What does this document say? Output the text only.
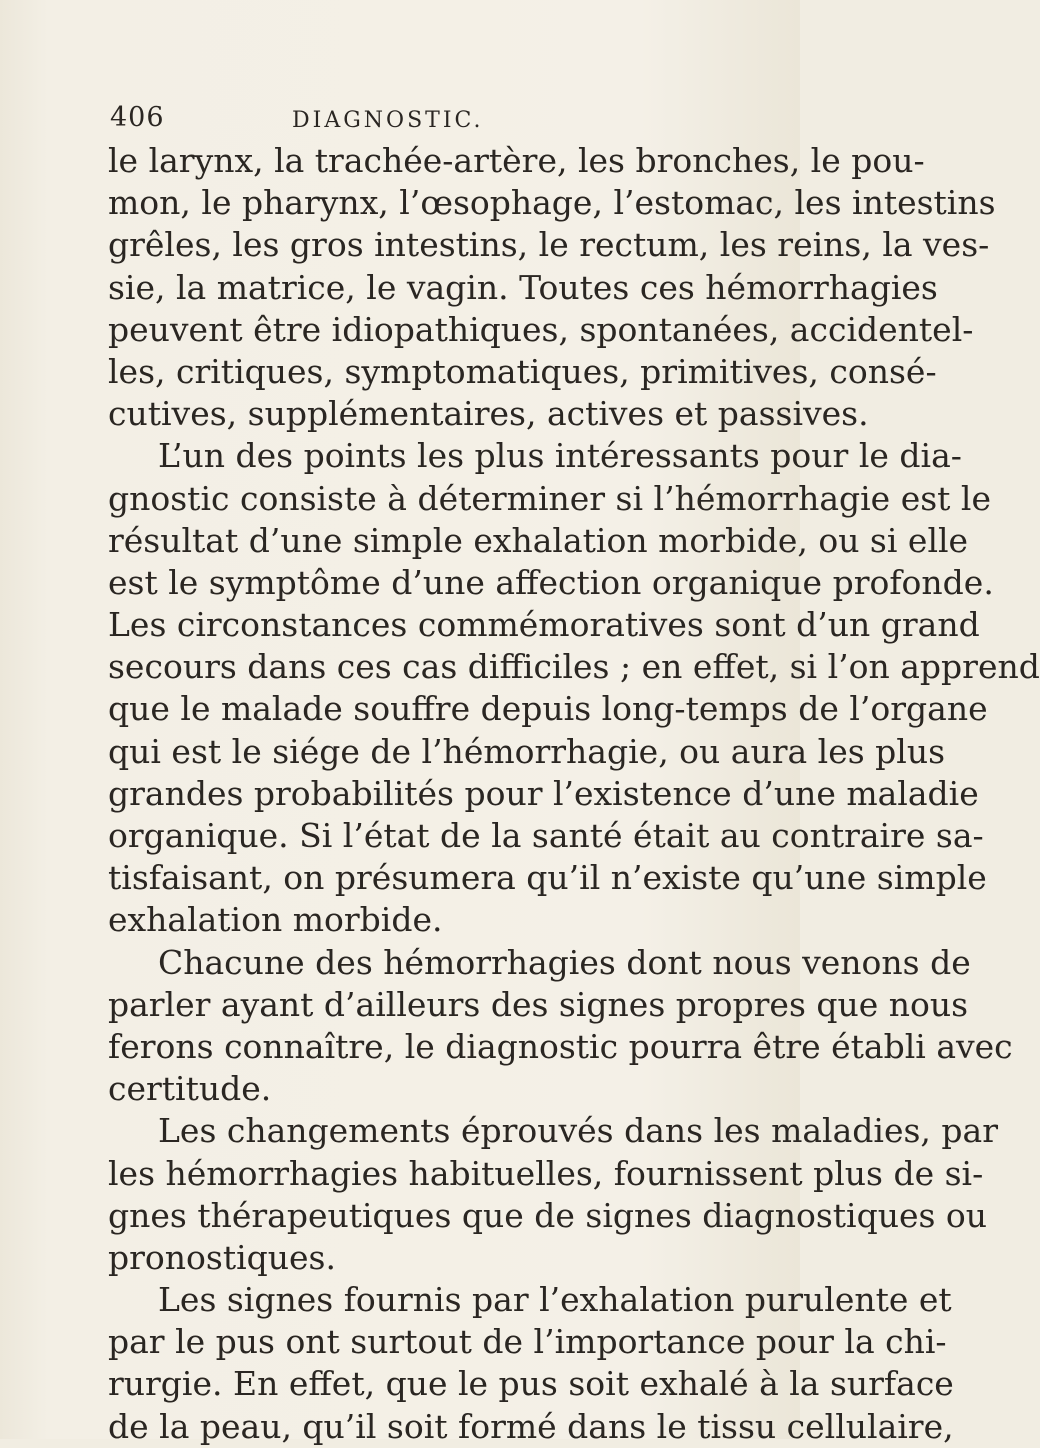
406	DIAGNOSTIC.
le larynx, la trachée-artère, les bronches, le pou-
mon, le pharynx, l’œsophage, l’estomac, les intestins
grêles, les gros intestins, le rectum, les reins, la ves-
sie, la matrice, le vagin. Toutes ces hémorrhagies
peuvent être idiopathiques, spontanées, accidentel-
les, critiques, symptomatiques, primitives, consé-
cutives, supplémentaires, actives et passives.
L’un des points les plus intéressants pour le dia-
gnostic consiste à déterminer si l’hémorrhagie est le
résultat d’une simple exhalation morbide, ou si elle
est le symptôme d’une affection organique profonde.
Les circonstances commémoratives sont d’un grand
secours dans ces cas difficiles ; en effet, si l’on apprend
que le malade souffre depuis long-temps de l’organe
qui est le siége de l’hémorrhagie, ou aura les plus
grandes probabilités pour l’existence d’une maladie
organique. Si l’état de la santé était au contraire sa-
tisfaisant, on présumera qu’il n’existe qu’une simple
exhalation morbide.
Chacune des hémorrhagies dont nous venons de
parler ayant d’ailleurs des signes propres que nous
ferons connaître, le diagnostic pourra être établi avec
certitude.
Les changements éprouvés dans les maladies, par
les hémorrhagies habituelles, fournissent plus de si-
gnes thérapeutiques que de signes diagnostiques ou
pronostiques.
Les signes fournis par l’exhalation purulente et
par le pus ont surtout de l’importance pour la chi-
rurgie. En effet, que le pus soit exhalé à la surface
de la peau, qu’il soit formé dans le tissu cellulaire,
